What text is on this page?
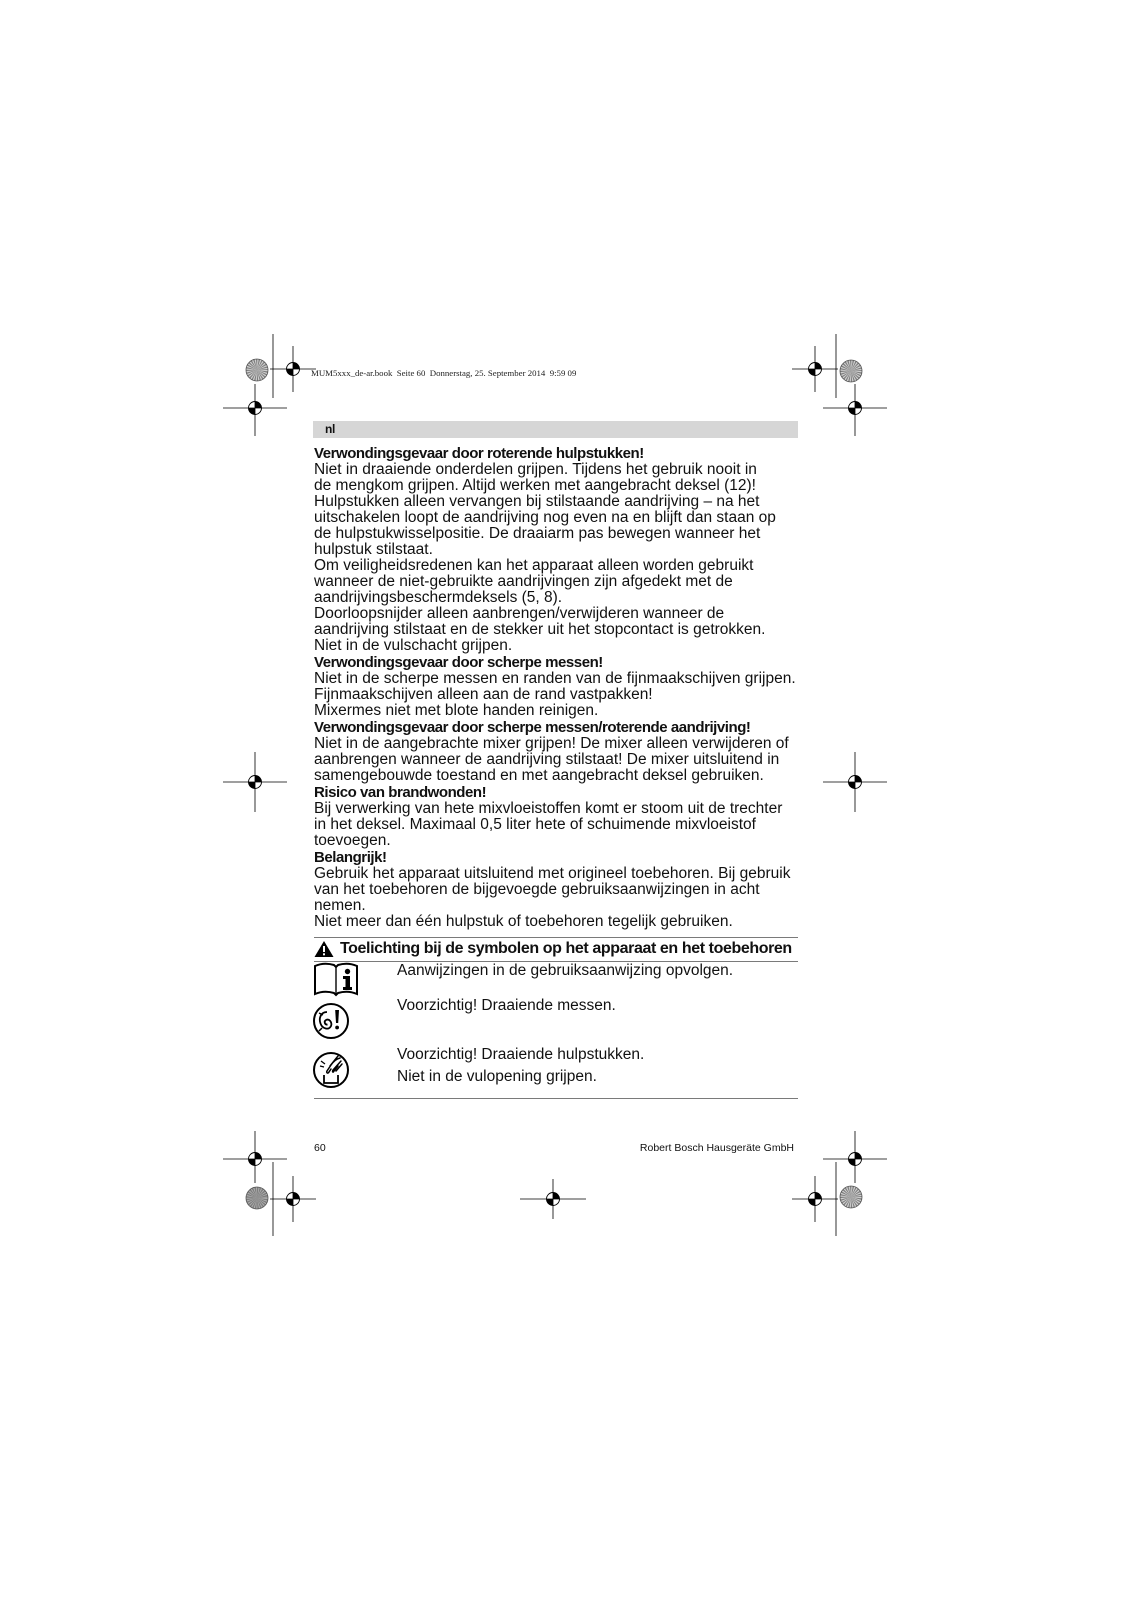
MUM5xxx_de-ar.book  Seite 60  Donnerstag, 25. September 2014  9:59 09
nl
Verwondingsgevaar door roterende hulpstukken!
Niet in draaiende onderdelen grijpen. Tijdens het gebruik nooit in
de mengkom grijpen. Altijd werken met aangebracht deksel (12)!
Hulpstukken alleen vervangen bij stilstaande aandrijving – na het
uitschakelen loopt de aandrijving nog even na en blijft dan staan op
de hulpstukwisselpositie. De draaiarm pas bewegen wanneer het
hulpstuk stilstaat.
Om veiligheidsredenen kan het apparaat alleen worden gebruikt
wanneer de niet-gebruikte aandrijvingen zijn afgedekt met de
aandrijvingsbeschermdeksels (5, 8).
Doorloopsnijder alleen aanbrengen/verwijderen wanneer de
aandrijving stilstaat en de stekker uit het stopcontact is getrokken.
Niet in de vulschacht grijpen.
Verwondingsgevaar door scherpe messen!
Niet in de scherpe messen en randen van de fijnmaakschijven grijpen.
Fijnmaakschijven alleen aan de rand vastpakken!
Mixermes niet met blote handen reinigen.
Verwondingsgevaar door scherpe messen/roterende aandrijving!
Niet in de aangebrachte mixer grijpen! De mixer alleen verwijderen of
aanbrengen wanneer de aandrijving stilstaat! De mixer uitsluitend in
samengebouwde toestand en met aangebracht deksel gebruiken.
Risico van brandwonden!
Bij verwerking van hete mixvloeistoffen komt er stoom uit de trechter
in het deksel. Maximaal 0,5 liter hete of schuimende mixvloeistof
toevoegen.
Belangrijk!
Gebruik het apparaat uitsluitend met origineel toebehoren. Bij gebruik
van het toebehoren de bijgevoegde gebruiksaanwijzingen in acht
nemen.
Niet meer dan één hulpstuk of toebehoren tegelijk gebruiken.
Toelichting bij de symbolen op het apparaat en het toebehoren
Aanwijzingen in de gebruiksaanwijzing opvolgen.
Voorzichtig! Draaiende messen.
Voorzichtig! Draaiende hulpstukken.
Niet in de vulopening grijpen.
60	Robert Bosch Hausgeräte GmbH
